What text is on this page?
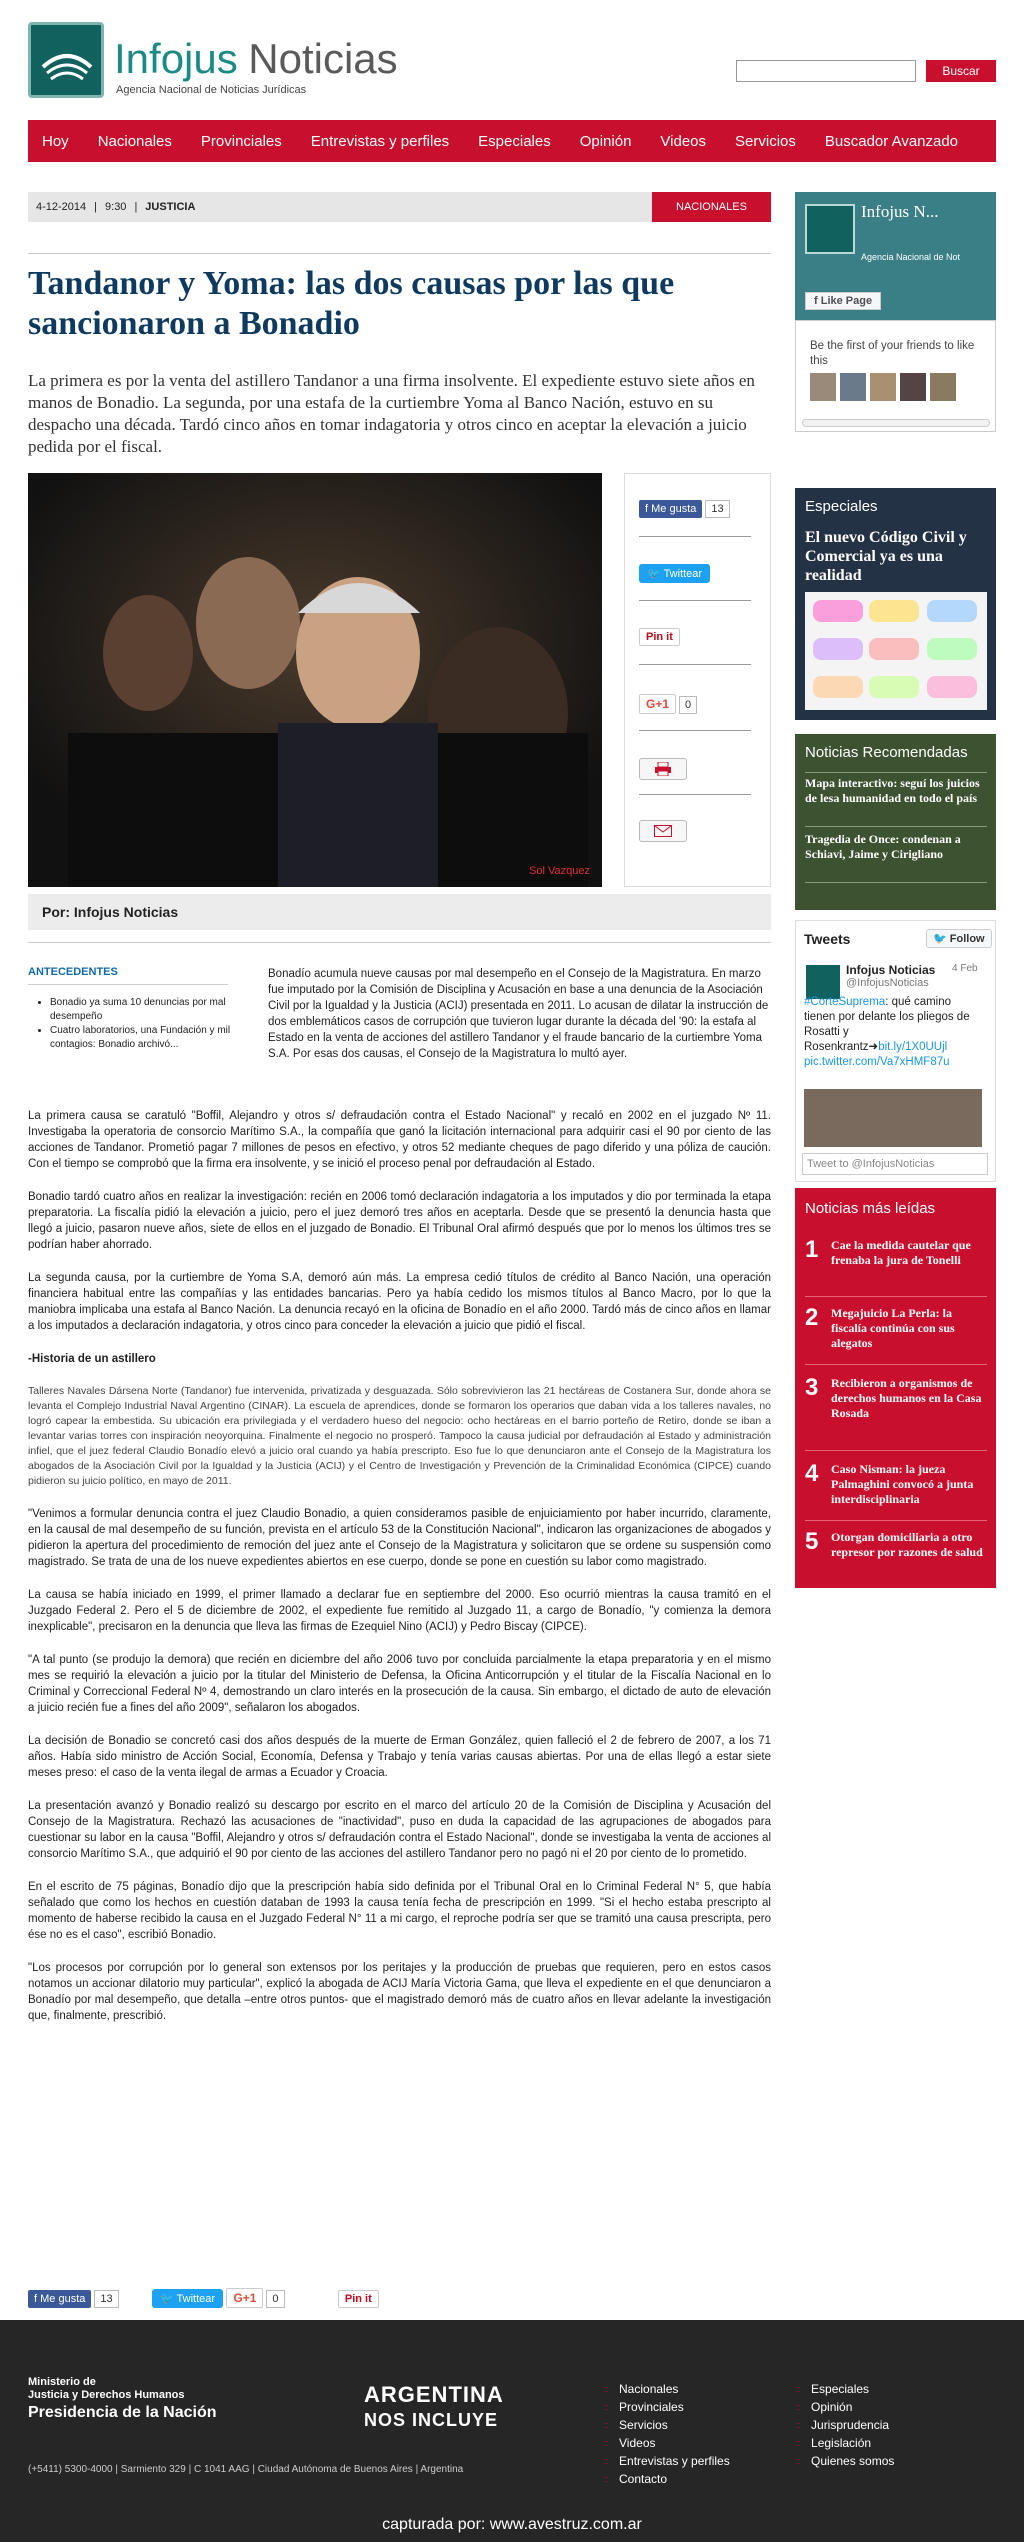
Infojus Noticias
Agencia Nacional de Noticias Jurídicas
Buscar
Hoy Nacionales Provinciales Entrevistas y perfiles Especiales Opinión Videos Servicios Buscador Avanzado
4-12-2014 | 9:30 | JUSTICIA	NACIONALES
Tandanor y Yoma: las dos causas por las que sancionaron a Bonadio

La primera es por la venta del astillero Tandanor a una firma insolvente. El expediente estuvo siete años en manos de Bonadio. La segunda, por una estafa de la curtiembre Yoma al Banco Nación, estuvo en su despacho una década. Tardó cinco años en tomar indagatoria y otros cinco en aceptar la elevación a juicio pedida por el fiscal.

Sol Vazquez
f Me gusta 13
🐦 Twittear
Pin it
G+1 0
Por: Infojus Noticias
ANTECEDENTES
• Bonadio ya suma 10 denuncias por mal desempeño
• Cuatro laboratorios, una Fundación y mil contagios: Bonadio archivó...

Bonadío acumula nueve causas por mal desempeño en el Consejo de la Magistratura. En marzo fue imputado por la Comisión de Disciplina y Acusación en base a una denuncia de la Asociación Civil por la Igualdad y la Justicia (ACIJ) presentada en 2011. Lo acusan de dilatar la instrucción de dos emblemáticos casos de corrupción que tuvieron lugar durante la década del '90: la estafa al Estado en la venta de acciones del astillero Tandanor y el fraude bancario de la curtiembre Yoma S.A. Por esas dos causas, el Consejo de la Magistratura lo multó ayer.

La primera causa se caratuló "Boffil, Alejandro y otros s/ defraudación contra el Estado Nacional" y recaló en 2002 en el juzgado Nº 11. Investigaba la operatoria de consorcio Marítimo S.A., la compañía que ganó la licitación internacional para adquirir casi el 90 por ciento de las acciones de Tandanor. Prometió pagar 7 millones de pesos en efectivo, y otros 52 mediante cheques de pago diferido y una póliza de caución. Con el tiempo se comprobó que la firma era insolvente, y se inició el proceso penal por defraudación al Estado.

Bonadio tardó cuatro años en realizar la investigación: recién en 2006 tomó declaración indagatoria a los imputados y dio por terminada la etapa preparatoria. La fiscalía pidió la elevación a juicio, pero el juez demoró tres años en aceptarla. Desde que se presentó la denuncia hasta que llegó a juicio, pasaron nueve años, siete de ellos en el juzgado de Bonadio. El Tribunal Oral afirmó después que por lo menos los últimos tres se podrían haber ahorrado.

La segunda causa, por la curtiembre de Yoma S.A, demoró aún más. La empresa cedió títulos de crédito al Banco Nación, una operación financiera habitual entre las compañías y las entidades bancarias. Pero ya había cedido los mismos títulos al Banco Macro, por lo que la maniobra implicaba una estafa al Banco Nación. La denuncia recayó en la oficina de Bonadío en el año 2000. Tardó más de cinco años en llamar a los imputados a declaración indagatoria, y otros cinco para conceder la elevación a juicio que pidió el fiscal.

-Historia de un astillero

Talleres Navales Dársena Norte (Tandanor) fue intervenida, privatizada y desguazada. Sólo sobrevivieron las 21 hectáreas de Costanera Sur, donde ahora se levanta el Complejo Industrial Naval Argentino (CINAR). La escuela de aprendices, donde se formaron los operarios que daban vida a los talleres navales, no logró capear la embestida. Su ubicación era privilegiada y el verdadero hueso del negocio: ocho hectáreas en el barrio porteño de Retiro, donde se iban a levantar varias torres con inspiración neoyorquina. Finalmente el negocio no prosperó. Tampoco la causa judicial por defraudación al Estado y administración infiel, que el juez federal Claudio Bonadío elevó a juicio oral cuando ya había prescripto. Eso fue lo que denunciaron ante el Consejo de la Magistratura los abogados de la Asociación Civil por la Igualdad y la Justicia (ACIJ) y el Centro de Investigación y Prevención de la Criminalidad Económica (CIPCE) cuando pidieron su juicio político, en mayo de 2011.

"Venimos a formular denuncia contra el juez Claudio Bonadio, a quien consideramos pasible de enjuiciamiento por haber incurrido, claramente, en la causal de mal desempeño de su función, prevista en el artículo 53 de la Constitución Nacional", indicaron las organizaciones de abogados y pidieron la apertura del procedimiento de remoción del juez ante el Consejo de la Magistratura y solicitaron que se ordene su suspensión como magistrado. Se trata de una de los nueve expedientes abiertos en ese cuerpo, donde se pone en cuestión su labor como magistrado.

La causa se había iniciado en 1999, el primer llamado a declarar fue en septiembre del 2000. Eso ocurrió mientras la causa tramitó en el Juzgado Federal 2. Pero el 5 de diciembre de 2002, el expediente fue remitido al Juzgado 11, a cargo de Bonadío, "y comienza la demora inexplicable", precisaron en la denuncia que lleva las firmas de Ezequiel Nino (ACIJ) y Pedro Biscay (CIPCE).

"A tal punto (se produjo la demora) que recién en diciembre del año 2006 tuvo por concluida parcialmente la etapa preparatoria y en el mismo mes se requirió la elevación a juicio por la titular del Ministerio de Defensa, la Oficina Anticorrupción y el titular de la Fiscalía Nacional en lo Criminal y Correccional Federal Nº 4, demostrando un claro interés en la prosecución de la causa. Sin embargo, el dictado de auto de elevación a juicio recién fue a fines del año 2009", señalaron los abogados.

La decisión de Bonadio se concretó casi dos años después de la muerte de Erman González, quien falleció el 2 de febrero de 2007, a los 71 años. Había sido ministro de Acción Social, Economía, Defensa y Trabajo y tenía varias causas abiertas. Por una de ellas llegó a estar siete meses preso: el caso de la venta ilegal de armas a Ecuador y Croacia.

La presentación avanzó y Bonadio realizó su descargo por escrito en el marco del artículo 20 de la Comisión de Disciplina y Acusación del Consejo de la Magistratura. Rechazó las acusaciones de "inactividad", puso en duda la capacidad de las agrupaciones de abogados para cuestionar su labor en la causa "Boffil, Alejandro y otros s/ defraudación contra el Estado Nacional", donde se investigaba la venta de acciones al consorcio Marítimo S.A., que adquirió el 90 por ciento de las acciones del astillero Tandanor pero no pagó ni el 20 por ciento de lo prometido.

En el escrito de 75 páginas, Bonadío dijo que la prescripción había sido definida por el Tribunal Oral en lo Criminal Federal N° 5, que había señalado que como los hechos en cuestión databan de 1993 la causa tenía fecha de prescripción en 1999. "Si el hecho estaba prescripto al momento de haberse recibido la causa en el Juzgado Federal N° 11 a mi cargo, el reproche podría ser que se tramitó una causa prescripta, pero ése no es el caso", escribió Bonadio.

"Los procesos por corrupción por lo general son extensos por los peritajes y la producción de pruebas que requieren, pero en estos casos notamos un accionar dilatorio muy particular", explicó la abogada de ACIJ María Victoria Gama, que lleva el expediente en el que denunciaron a Bonadío por mal desempeño, que detalla –entre otros puntos- que el magistrado demoró más de cuatro años en llevar adelante la investigación que, finalmente, prescribió.

f Me gusta 13	🐦 Twittear G+1 0	Pin it
Infojus N...
Agencia Nacional de Not
f Like Page
Be the first of your friends to like this
Especiales
El nuevo Código Civil y Comercial ya es una realidad
Noticias Recomendadas
Mapa interactivo: seguí los juicios de lesa humanidad en todo el país
Tragedia de Once: condenan a Schiavi, Jaime y Cirigliano
Tweets	🐦 Follow
Infojus Noticias
@InfojusNoticias
4 Feb
#CorteSuprema: qué camino tienen por delante los pliegos de Rosatti y Rosenkrantz➜bit.ly/1X0UUjl pic.twitter.com/Va7xHMF87u
Tweet to @InfojusNoticias
Noticias más leídas
1 Cae la medida cautelar que frenaba la jura de Tonelli
2 Megajuicio La Perla: la fiscalía continúa con sus alegatos
3 Recibieron a organismos de derechos humanos en la Casa Rosada
4 Caso Nisman: la jueza Palmaghini convocó a junta interdisciplinaria
5 Otorgan domiciliaria a otro represor por razones de salud
Ministerio de
Justicia y Derechos Humanos
Presidencia de la Nación
ARGENTINA
NOS INCLUYE
(+5411) 5300-4000 | Sarmiento 329 | C 1041 AAG | Ciudad Autónoma de Buenos Aires | Argentina
:: Nacionales
:: Provinciales
:: Servicios
:: Videos
:: Entrevistas y perfiles
:: Contacto
:: Especiales
:: Opinión
:: Jurisprudencia
:: Legislación
:: Quienes somos
capturada por: www.avestruz.com.ar
